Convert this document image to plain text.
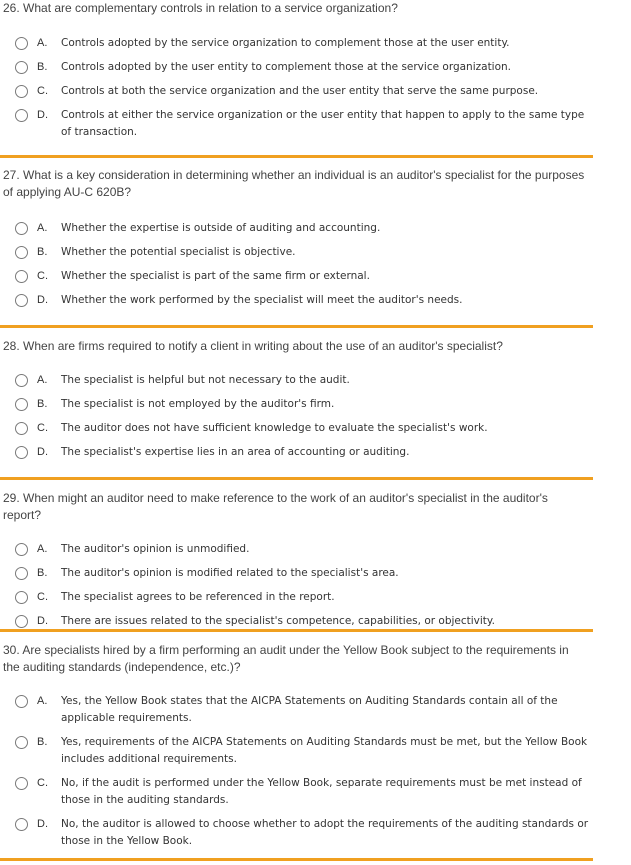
26. What are complementary controls in relation to a service organization?
A.	Controls adopted by the service organization to complement those at the user entity.
B.	Controls adopted by the user entity to complement those at the service organization.
C.	Controls at both the service organization and the user entity that serve the same purpose.
D.	Controls at either the service organization or the user entity that happen to apply to the same type of transaction.
27. What is a key consideration in determining whether an individual is an auditor's specialist for the purposes of applying AU-C 620B?
A.	Whether the expertise is outside of auditing and accounting.
B.	Whether the potential specialist is objective.
C.	Whether the specialist is part of the same firm or external.
D.	Whether the work performed by the specialist will meet the auditor's needs.
28. When are firms required to notify a client in writing about the use of an auditor's specialist?
A.	The specialist is helpful but not necessary to the audit.
B.	The specialist is not employed by the auditor's firm.
C.	The auditor does not have sufficient knowledge to evaluate the specialist's work.
D.	The specialist's expertise lies in an area of accounting or auditing.
29. When might an auditor need to make reference to the work of an auditor's specialist in the auditor's report?
A.	The auditor's opinion is unmodified.
B.	The auditor's opinion is modified related to the specialist's area.
C.	The specialist agrees to be referenced in the report.
D.	There are issues related to the specialist's competence, capabilities, or objectivity.
30. Are specialists hired by a firm performing an audit under the Yellow Book subject to the requirements in the auditing standards (independence, etc.)?
A.	Yes, the Yellow Book states that the AICPA Statements on Auditing Standards contain all of the applicable requirements.
B.	Yes, requirements of the AICPA Statements on Auditing Standards must be met, but the Yellow Book includes additional requirements.
C.	No, if the audit is performed under the Yellow Book, separate requirements must be met instead of those in the auditing standards.
D.	No, the auditor is allowed to choose whether to adopt the requirements of the auditing standards or those in the Yellow Book.
